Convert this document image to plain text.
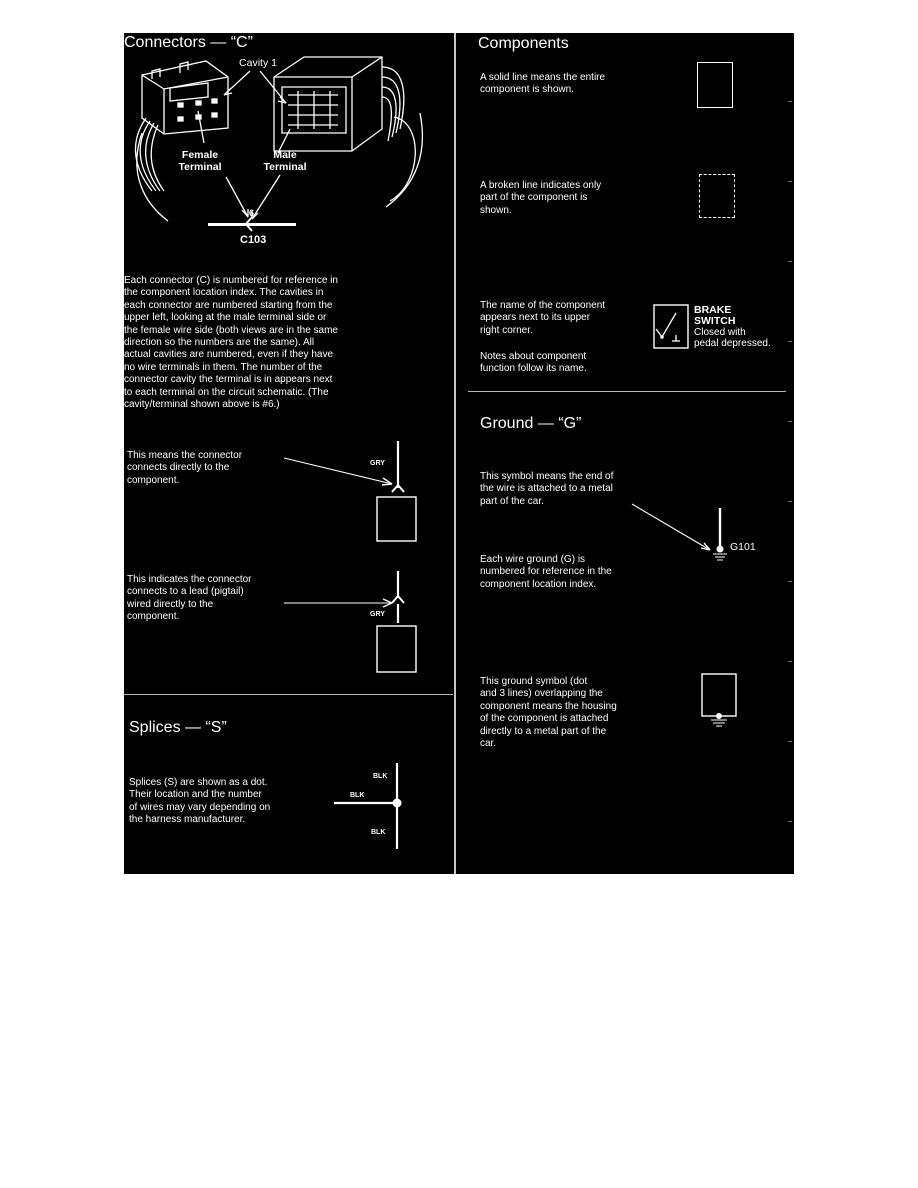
Connectors — “C”
Cavity 1
Female
Terminal
Male
Terminal
6
C103
Each connector (C) is numbered for reference in
the component location index. The cavities in
each connector are numbered starting from the
upper left, looking at the male terminal side or
the female wire side (both views are in the same
direction so the numbers are the same). All
actual cavities are numbered, even if they have
no wire terminals in them. The number of the
connector cavity the terminal is in appears next
to each terminal on the circuit schematic. (The
cavity/terminal shown above is #6.)
This means the connector
connects directly to the
component.
GRY
This indicates the connector
connects to a lead (pigtail)
wired directly to the
component.	GRY
Splices — “S”
Splices (S) are shown as a dot.
Their location and the number
of wires may vary depending on
the harness manufacturer.
BLK
BLK
BLK
Components
A solid line means the entire
component is shown.
A broken line indicates only
part of the component is
shown.
The name of the component
appears next to its upper
right corner.
Notes about component
function follow its name.
BRAKE
SWITCH
Closed with
pedal depressed.
Ground — “G”
This symbol means the end of
the wire is attached to a metal
part of the car.
G101
Each wire ground (G) is
numbered for reference in the
component location index.
This ground symbol (dot
and 3 lines) overlapping the
component means the housing
of the component is attached
directly to a metal part of the
car.
